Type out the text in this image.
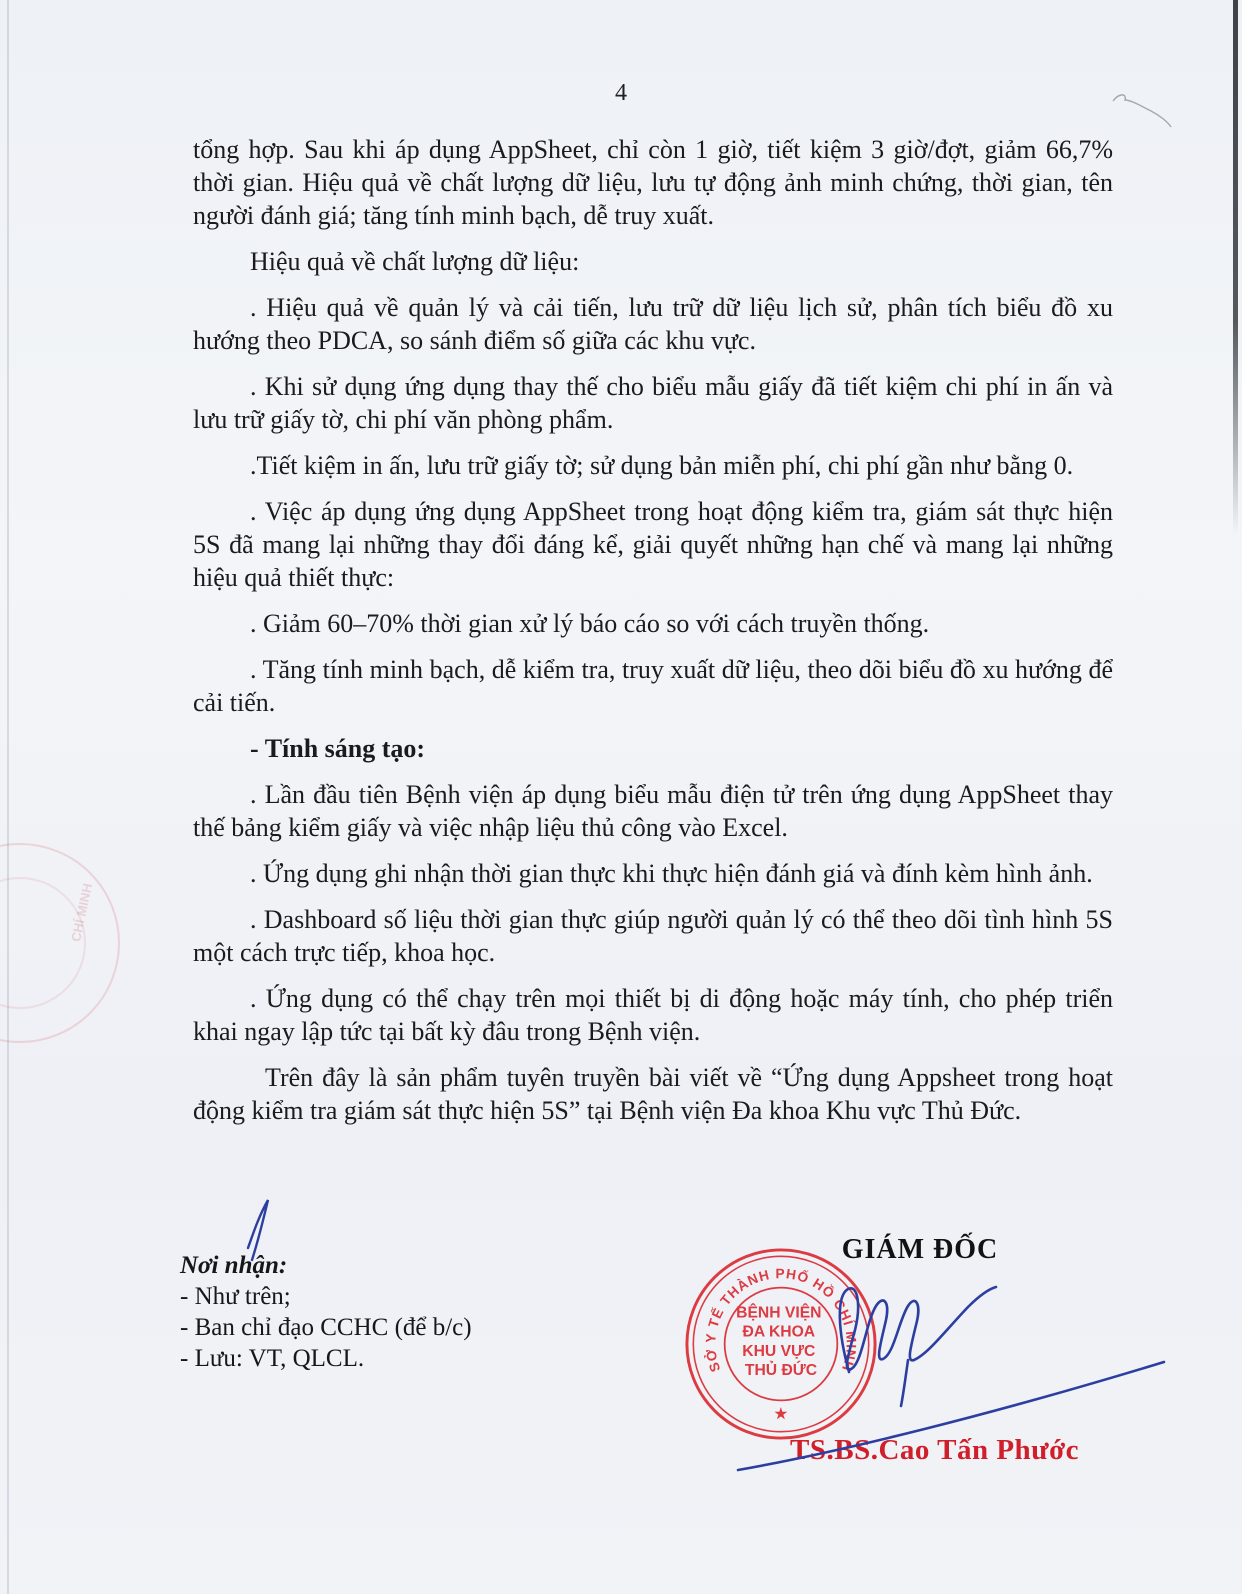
4

tổng hợp. Sau khi áp dụng AppSheet, chỉ còn 1 giờ, tiết kiệm 3 giờ/đợt, giảm 66,7% thời gian. Hiệu quả về chất lượng dữ liệu, lưu tự động ảnh minh chứng, thời gian, tên người đánh giá; tăng tính minh bạch, dễ truy xuất.

Hiệu quả về chất lượng dữ liệu:

. Hiệu quả về quản lý và cải tiến, lưu trữ dữ liệu lịch sử, phân tích biểu đồ xu hướng theo PDCA, so sánh điểm số giữa các khu vực.

. Khi sử dụng ứng dụng thay thế cho biểu mẫu giấy đã tiết kiệm chi phí in ấn và lưu trữ giấy tờ, chi phí văn phòng phẩm.

.Tiết kiệm in ấn, lưu trữ giấy tờ; sử dụng bản miễn phí, chi phí gần như bằng 0.

. Việc áp dụng ứng dụng AppSheet trong hoạt động kiểm tra, giám sát thực hiện 5S đã mang lại những thay đổi đáng kể, giải quyết những hạn chế và mang lại những hiệu quả thiết thực:

. Giảm 60–70% thời gian xử lý báo cáo so với cách truyền thống.

. Tăng tính minh bạch, dễ kiểm tra, truy xuất dữ liệu, theo dõi biểu đồ xu hướng để cải tiến.

- Tính sáng tạo:

. Lần đầu tiên Bệnh viện áp dụng biểu mẫu điện tử trên ứng dụng AppSheet thay thế bảng kiểm giấy và việc nhập liệu thủ công vào Excel.

. Ứng dụng ghi nhận thời gian thực khi thực hiện đánh giá và đính kèm hình ảnh.

. Dashboard số liệu thời gian thực giúp người quản lý có thể theo dõi tình hình 5S một cách trực tiếp, khoa học.

. Ứng dụng có thể chạy trên mọi thiết bị di động hoặc máy tính, cho phép triển khai ngay lập tức tại bất kỳ đâu trong Bệnh viện.

Trên đây là sản phẩm tuyên truyền bài viết về “Ứng dụng Appsheet trong hoạt động kiểm tra giám sát thực hiện 5S” tại Bệnh viện Đa khoa Khu vực Thủ Đức.

Nơi nhận:
- Như trên;
- Ban chỉ đạo CCHC (để b/c)
- Lưu: VT, QLCL.
GIÁM ĐỐC
TS.BS.Cao Tấn Phước
SỞ Y TẾ THÀNH PHỐ HỒ CHÍ MINH
★
BỆNH VIỆN ĐA KHOA KHU VỰC THỦ ĐỨC
CHÍ MINH
